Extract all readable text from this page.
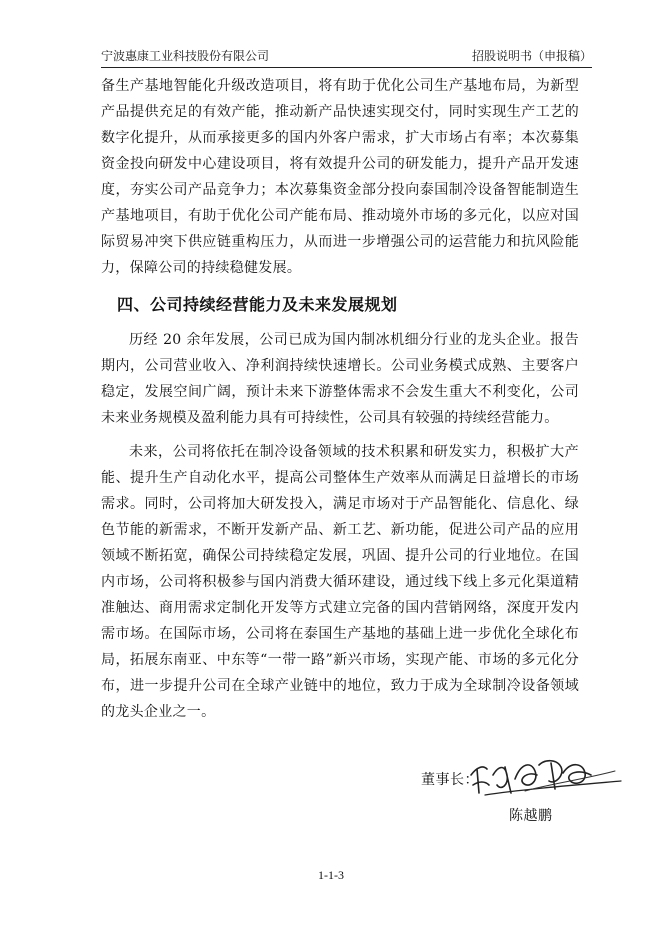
宁波惠康工业科技股份有限公司	招股说明书（申报稿）

备生产基地智能化升级改造项目，将有助于优化公司生产基地布局，为新型产品提供充足的有效产能，推动新产品快速实现交付，同时实现生产工艺的数字化提升，从而承接更多的国内外客户需求，扩大市场占有率；本次募集资金投向研发中心建设项目，将有效提升公司的研发能力，提升产品开发速度，夯实公司产品竞争力；本次募集资金部分投向泰国制冷设备智能制造生产基地项目，有助于优化公司产能布局、推动境外市场的多元化，以应对国际贸易冲突下供应链重构压力，从而进一步增强公司的运营能力和抗风险能力，保障公司的持续稳健发展。

四、公司持续经营能力及未来发展规划

历经 20 余年发展，公司已成为国内制冰机细分行业的龙头企业。报告期内，公司营业收入、净利润持续快速增长。公司业务模式成熟、主要客户稳定，发展空间广阔，预计未来下游整体需求不会发生重大不利变化，公司未来业务规模及盈利能力具有可持续性，公司具有较强的持续经营能力。

未来，公司将依托在制冷设备领域的技术积累和研发实力，积极扩大产能、提升生产自动化水平，提高公司整体生产效率从而满足日益增长的市场需求。同时，公司将加大研发投入，满足市场对于产品智能化、信息化、绿色节能的新需求，不断开发新产品、新工艺、新功能，促进公司产品的应用领域不断拓宽，确保公司持续稳定发展，巩固、提升公司的行业地位。在国内市场，公司将积极参与国内消费大循环建设，通过线下线上多元化渠道精准触达、商用需求定制化开发等方式建立完备的国内营销网络，深度开发内需市场。在国际市场，公司将在泰国生产基地的基础上进一步优化全球化布局，拓展东南亚、中东等“一带一路”新兴市场，实现产能、市场的多元化分布，进一步提升公司在全球产业链中的地位，致力于成为全球制冷设备领域的龙头企业之一。

董事长：
陈越鹏
1-1-3
